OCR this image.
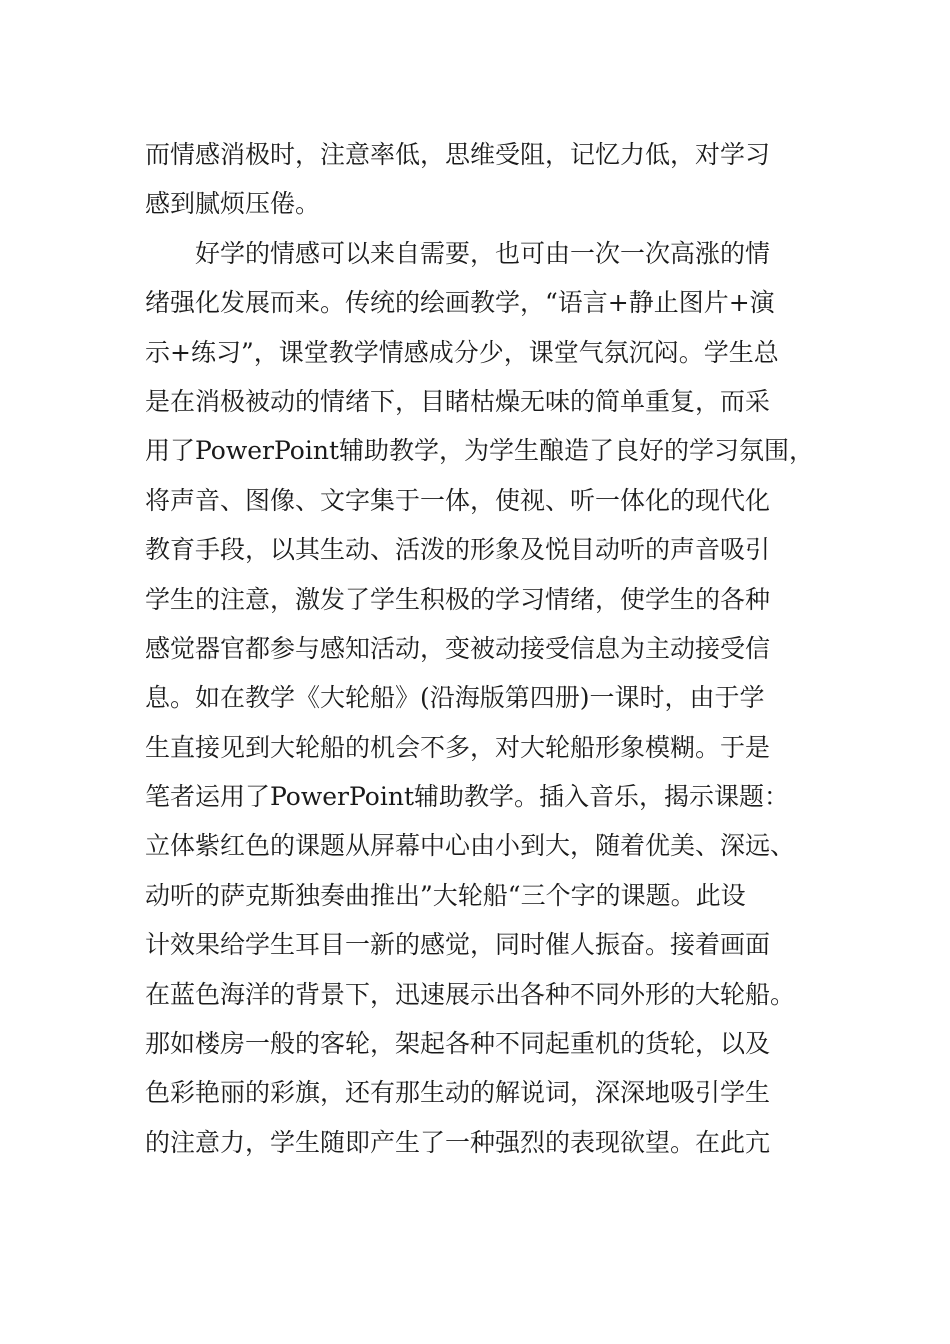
而情感消极时，注意率低，思维受阻，记忆力低，对学习
感到腻烦压倦。
好学的情感可以来自需要，也可由一次一次高涨的情
绪强化发展而来。传统的绘画教学，“语言+静止图片+演
示+练习”，课堂教学情感成分少，课堂气氛沉闷。学生总
是在消极被动的情绪下，目睹枯燥无味的简单重复，而采
用了PowerPoint辅助教学，为学生酿造了良好的学习氛围，
将声音、图像、文字集于一体，使视、听一体化的现代化
教育手段，以其生动、活泼的形象及悦目动听的声音吸引
学生的注意，激发了学生积极的学习情绪，使学生的各种
感觉器官都参与感知活动，变被动接受信息为主动接受信
息。如在教学《大轮船》(沿海版第四册)一课时，由于学
生直接见到大轮船的机会不多，对大轮船形象模糊。于是
笔者运用了PowerPoint辅助教学。插入音乐，揭示课题：
立体紫红色的课题从屏幕中心由小到大，随着优美、深远、
动听的萨克斯独奏曲推出”大轮船“三个字的课题。此设
计效果给学生耳目一新的感觉，同时催人振奋。接着画面
在蓝色海洋的背景下，迅速展示出各种不同外形的大轮船。
那如楼房一般的客轮，架起各种不同起重机的货轮，以及
色彩艳丽的彩旗，还有那生动的解说词，深深地吸引学生
的注意力，学生随即产生了一种强烈的表现欲望。在此亢
